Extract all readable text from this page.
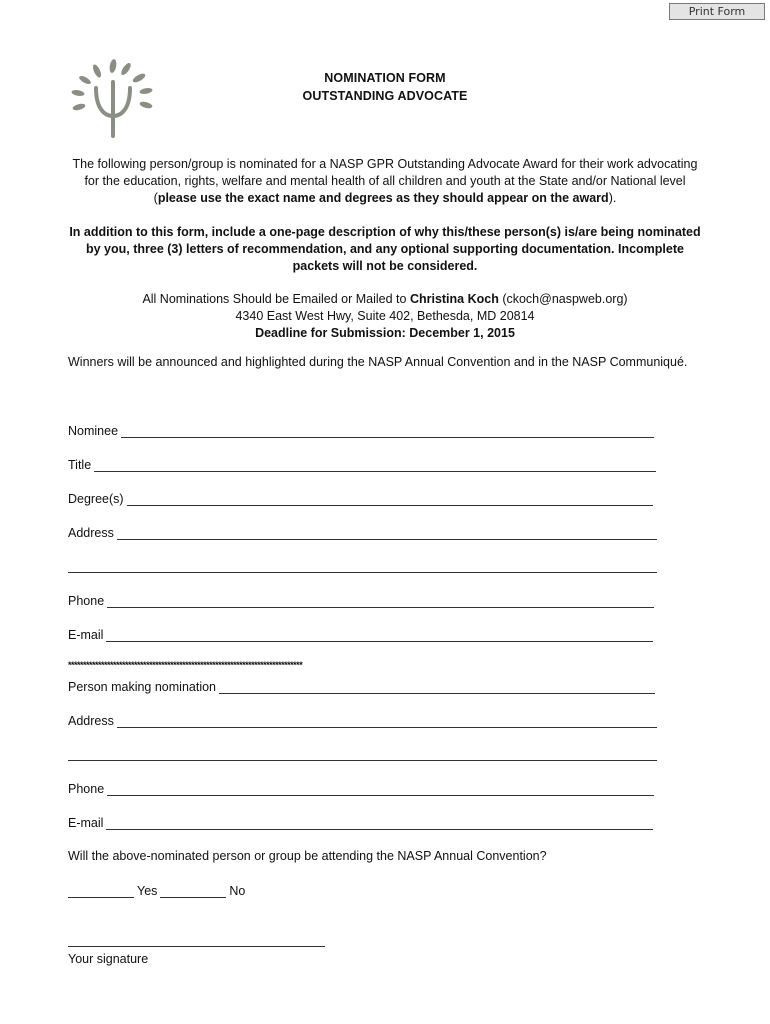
Print Form
NOMINATION FORM
OUTSTANDING ADVOCATE
The following person/group is nominated for a NASP GPR Outstanding Advocate Award for their work advocating for the education, rights, welfare and mental health of all children and youth at the State and/or National level (please use the exact name and degrees as they should appear on the award).
In addition to this form, include a one-page description of why this/these person(s) is/are being nominated by you, three (3) letters of recommendation, and any optional supporting documentation. Incomplete packets will not be considered.
All Nominations Should be Emailed or Mailed to Christina Koch (ckoch@naspweb.org)
4340 East West Hwy, Suite 402, Bethesda, MD 20814
Deadline for Submission: December 1, 2015
Winners will be announced and highlighted during the NASP Annual Convention and in the NASP Communiqué.
Nominee
Title
Degree(s)
Address
Phone
E-mail
******************************************************************************
Person making nomination
Address
Phone
E-mail
Will the above-nominated person or group be attending the NASP Annual Convention?
Yes	No
Your signature
